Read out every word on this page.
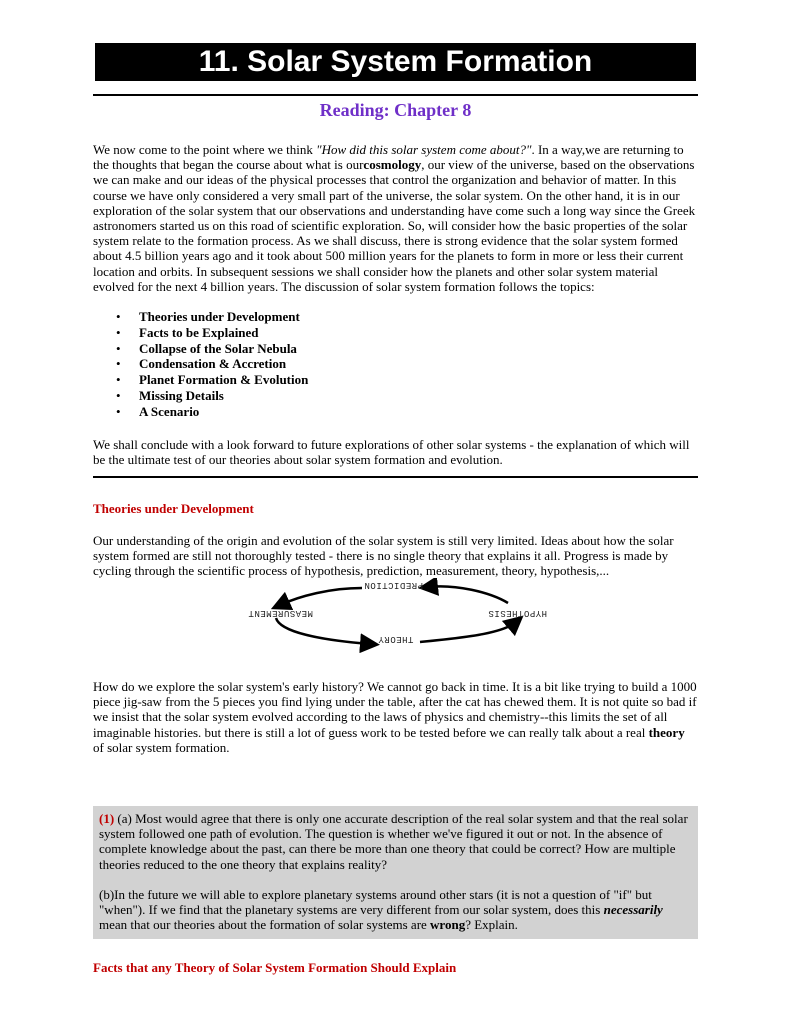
11. Solar System Formation
Reading: Chapter 8

We now come to the point where we think "How did this solar system come about?". In a way,we are returning to the thoughts that began the course about what is ourcosmology, our view of the universe, based on the observations we can make and our ideas of the physical processes that control the organization and behavior of matter. In this course we have only considered a very small part of the universe, the solar system. On the other hand, it is in our exploration of the solar system that our observations and understanding have come such a long way since the Greek astronomers started us on this road of scientific exploration. So, will consider how the basic properties of the solar system relate to the formation process. As we shall discuss, there is strong evidence that the solar system formed about 4.5 billion years ago and it took about 500 million years for the planets to form in more or less their current location and orbits. In subsequent sessions we shall consider how the planets and other solar system material evolved for the next 4 billion years. The discussion of solar system formation follows the topics:

• Theories under Development
• Facts to be Explained
• Collapse of the Solar Nebula
• Condensation & Accretion
• Planet Formation & Evolution
• Missing Details
• A Scenario
We shall conclude with a look forward to future explorations of other solar systems - the explanation of which will be the ultimate test of our theories about solar system formation and evolution.
Theories under Development
Our understanding of the origin and evolution of the solar system is still very limited. Ideas about how the solar system formed are still not thoroughly tested - there is no single theory that explains it all. Progress is made by cycling through the scientific process of hypothesis, prediction, measurement, theory, hypothesis,...
PREDICTION
MEASUREMENT	HYPOTHESIS
THEORY

How do we explore the solar system's early history? We cannot go back in time. It is a bit like trying to build a 1000 piece jig-saw from the 5 pieces you find lying under the table, after the cat has chewed them. It is not quite so bad if we insist that the solar system evolved according to the laws of physics and chemistry--this limits the set of all imaginable histories. but there is still a lot of guess work to be tested before we can really talk about a real theory of solar system formation.

(1) (a) Most would agree that there is only one accurate description of the real solar system and that the real solar system followed one path of evolution. The question is whether we've figured it out or not. In the absence of complete knowledge about the past, can there be more than one theory that could be correct? How are multiple theories reduced to the one theory that explains reality?

(b)In the future we will able to explore planetary systems around other stars (it is not a question of "if" but "when"). If we find that the planetary systems are very different from our solar system, does this necessarily mean that our theories about the formation of solar systems are wrong? Explain.

Facts that any Theory of Solar System Formation Should Explain
